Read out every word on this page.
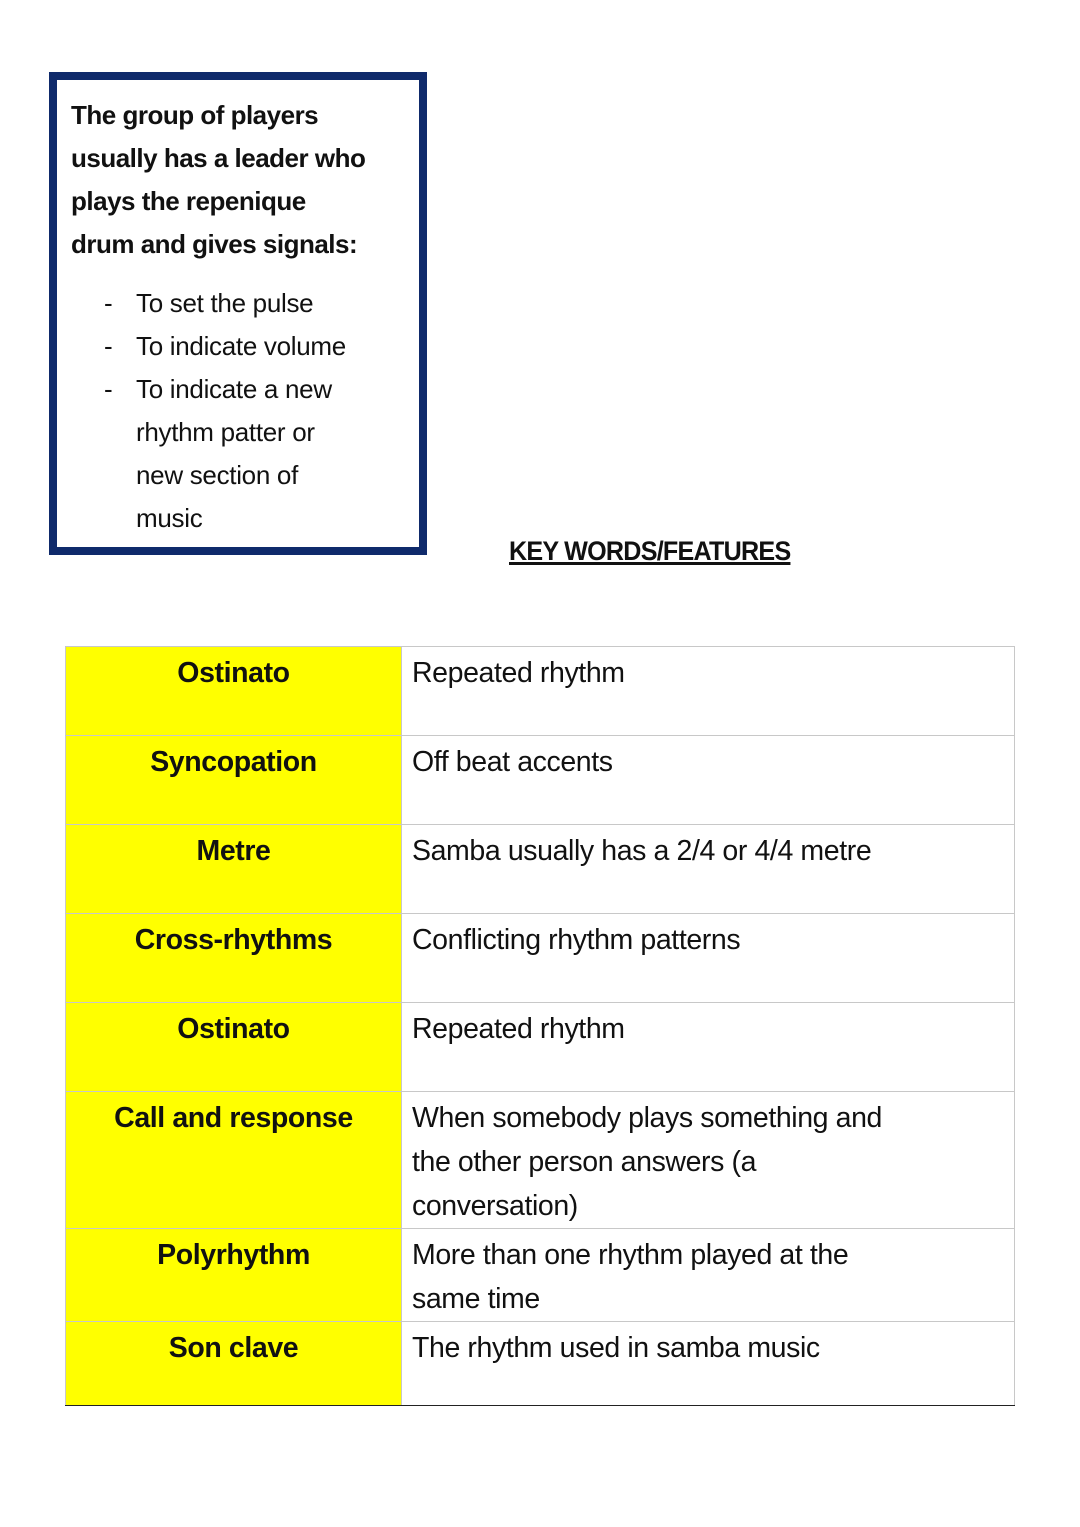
The group of players
usually has a leader who
plays the repenique
drum and gives signals:
- To set the pulse
- To indicate volume
- To indicate a new
rhythm patter or
new section of
music
KEY WORDS/FEATURES
Ostinato	Repeated rhythm

Syncopation	Off beat accents

Metre	Samba usually has a 2/4 or 4/4 metre

Cross-rhythms	Conflicting rhythm patterns

Ostinato	Repeated rhythm

Call and response	When somebody plays something and
the other person answers (a
conversation)

Polyrhythm	More than one rhythm played at the
same time

Son clave	The rhythm used in samba music
